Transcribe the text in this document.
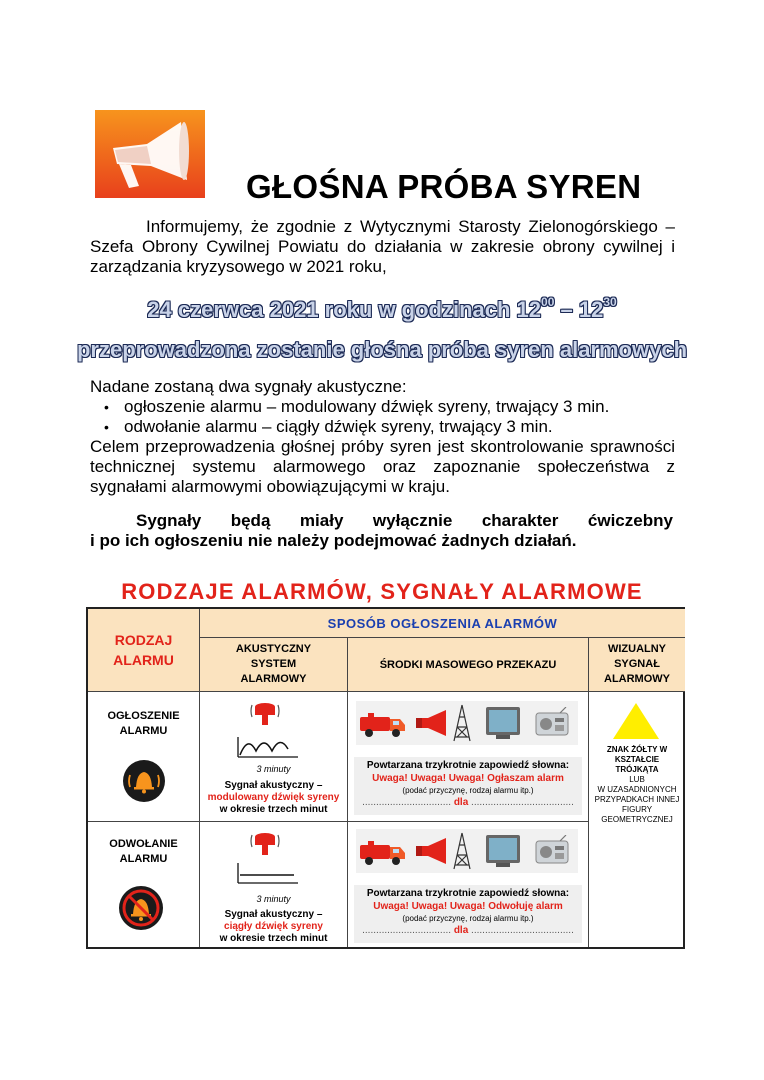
GŁOŚNA PRÓBA SYREN
Informujemy, że zgodnie z Wytycznymi Starosty Zielonogórskiego – Szefa Obrony Cywilnej Powiatu do działania w zakresie obrony cywilnej i zarządzania kryzysowego w 2021 roku,
24 czerwca 2021 roku w godzinach $12^{00} - 12^{30}$
przeprowadzona zostanie głośna próba syren alarmowych
Nadane zostaną dwa sygnały akustyczne:
• ogłoszenie alarmu – modulowany dźwięk syreny, trwający 3 min.
• odwołanie alarmu – ciągły dźwięk syreny, trwający 3 min.
Celem przeprowadzenia głośnej próby syren jest skontrolowanie sprawności technicznej systemu alarmowego oraz zapoznanie społeczeństwa z sygnałami alarmowymi obowiązującymi w kraju.
Sygnały będą miały wyłącznie charakter ćwiczebny
i po ich ogłoszeniu nie należy podejmować żadnych działań.
RODZAJE ALARMÓW, SYGNAŁY ALARMOWE
RODZAJ ALARMU
SPOSÓB OGŁOSZENIA ALARMÓW
AKUSTYCZNY SYSTEM ALARMOWY
ŚRODKI MASOWEGO PRZEKAZU
WIZUALNY SYGNAŁ ALARMOWY
OGŁOSZENIE ALARMU
3 minuty
Sygnał akustyczny –
modulowany dźwięk syreny
w okresie trzech minut
Powtarzana trzykrotnie zapowiedź słowna:
Uwaga! Uwaga! Uwaga! Ogłaszam alarm
(podać przyczynę, rodzaj alarmu itp.)
................................ dla .....................................
ZNAK ŻÓŁTY W KSZTAŁCIE TRÓJKĄTA
LUB
W UZASADNIONYCH PRZYPADKACH INNEJ FIGURY GEOMETRYCZNEJ
ODWOŁANIE ALARMU
3 minuty
Sygnał akustyczny –
ciągły dźwięk syreny
w okresie trzech minut
Powtarzana trzykrotnie zapowiedź słowna:
Uwaga! Uwaga! Uwaga! Odwołuję alarm
(podać przyczynę, rodzaj alarmu itp.)
................................ dla .....................................
